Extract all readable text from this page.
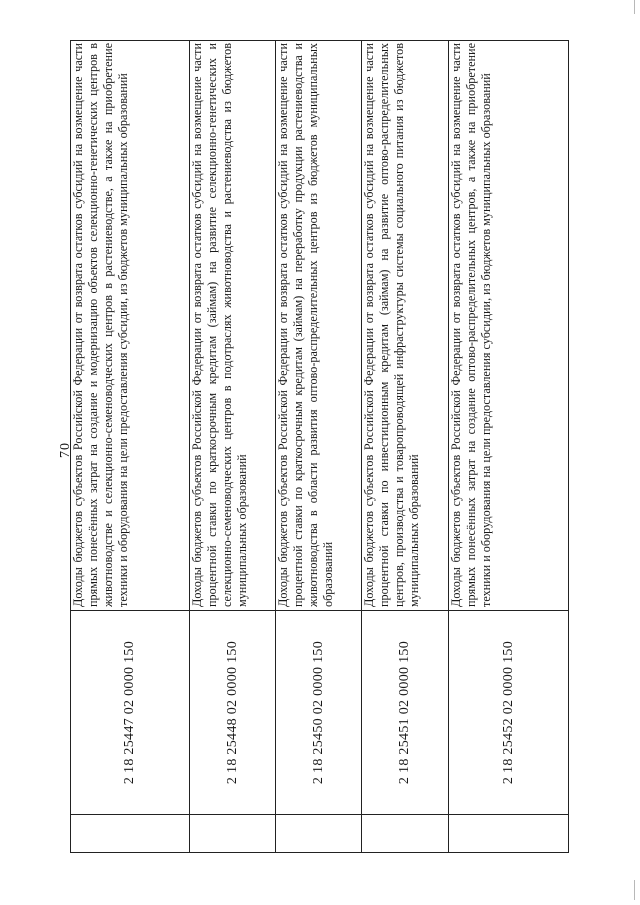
70
	2 18 25447 02 0000 150	Доходы бюджетов субъектов Российской Федерации от возврата остатков субсидий на возмещение части прямых понесённых затрат на создание и модернизацию объектов селекционно-генетических центров в животноводстве и селекционно-семеноводческих центров в растениеводстве, а также на приобретение техники и оборудования на цели предоставления субсидии, из бюджетов муниципальных образований
	2 18 25448 02 0000 150	Доходы бюджетов субъектов Российской Федерации от возврата остатков субсидий на возмещение части процентной ставки по краткосрочным кредитам (займам) на развитие селекционно-генетических и селекционно-семеноводческих центров в подотраслях животноводства и растениеводства из бюджетов муниципальных образований
	2 18 25450 02 0000 150	Доходы бюджетов субъектов Российской Федерации от возврата остатков субсидий на возмещение части процентной ставки по краткосрочным кредитам (займам) на переработку продукции растениеводства и животноводства в области развития оптово-распределительных центров из бюджетов муниципальных образований
	2 18 25451 02 0000 150	Доходы бюджетов субъектов Российской Федерации от возврата остатков субсидий на возмещение части процентной ставки по инвестиционным кредитам (займам) на развитие оптово-распределительных центров, производства и товаропроводящей инфраструктуры системы социального питания из бюджетов муниципальных образований
	2 18 25452 02 0000 150	Доходы бюджетов субъектов Российской Федерации от возврата остатков субсидий на возмещение части прямых понесённых затрат на создание оптово-распределительных центров, а также на приобретение техники и оборудования на цели предоставления субсидии, из бюджетов муниципальных образований
